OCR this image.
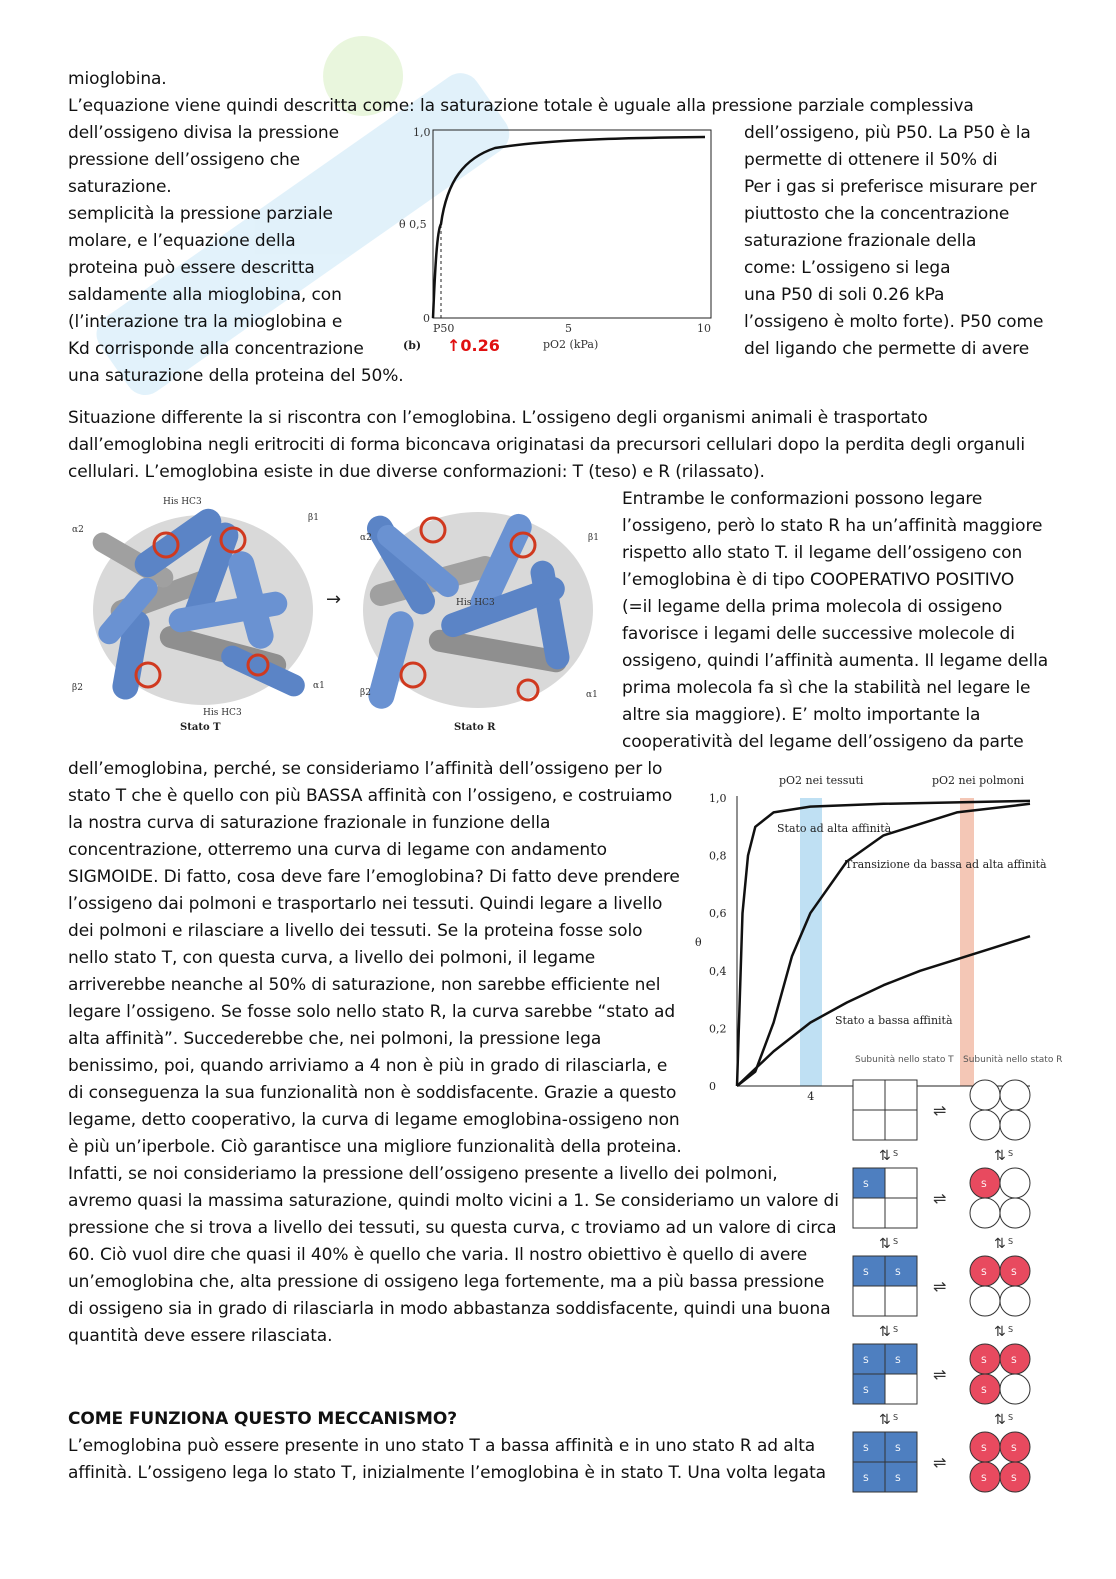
mioglobina.
L’equazione viene quindi descritta come: la saturazione totale è uguale alla pressione parziale complessiva
dell’ossigeno divisa la pressione
pressione dell’ossigeno che
saturazione.
semplicità la pressione parziale
molare, e l’equazione della
proteina può essere descritta
saldamente alla mioglobina, con
(l’interazione tra la mioglobina e
Kd corrisponde alla concentrazione
una saturazione della proteina del 50%.
dell’ossigeno, più P50. La P50 è la
permette di ottenere il 50% di
Per i gas si preferisce misurare per
piuttosto che la concentrazione
saturazione frazionale della
come: L’ossigeno si lega
una P50 di soli 0.26 kPa
l’ossigeno è molto forte). P50 come
del ligando che permette di avere
1,0
θ 0,5
0
P50	5	10
(b) ↑0.26	pO2 (kPa)
Situazione differente la si riscontra con l’emoglobina. L’ossigeno degli organismi animali è trasportato
dall’emoglobina negli eritrociti di forma biconcava originatasi da precursori cellulari dopo la perdita degli organuli
cellulari. L’emoglobina esiste in due diverse conformazioni: T (teso) e R (rilassato).
→
His HC3
His HC3
His HC3
α2
β1
β2	α1
α2	β1
β2	α1
Stato T	Stato R
Entrambe le conformazioni possono legare
l’ossigeno, però lo stato R ha un’affinità maggiore
rispetto allo stato T. il legame dell’ossigeno con
l’emoglobina è di tipo COOPERATIVO POSITIVO
(=il legame della prima molecola di ossigeno
favorisce i legami delle successive molecole di
ossigeno, quindi l’affinità aumenta. Il legame della
prima molecola fa sì che la stabilità nel legare le
altre sia maggiore). E’ molto importante la
cooperatività del legame dell’ossigeno da parte
dell’emoglobina, perché, se consideriamo l’affinità dell’ossigeno per lo
stato T che è quello con più BASSA affinità con l’ossigeno, e costruiamo
la nostra curva di saturazione frazionale in funzione della
concentrazione, otterremo una curva di legame con andamento
SIGMOIDE. Di fatto, cosa deve fare l’emoglobina? Di fatto deve prendere
l’ossigeno dai polmoni e trasportarlo nei tessuti. Quindi legare a livello
dei polmoni e rilasciare a livello dei tessuti. Se la proteina fosse solo
nello stato T, con questa curva, a livello dei polmoni, il legame
arriverebbe neanche al 50% di saturazione, non sarebbe efficiente nel
legare l’ossigeno. Se fosse solo nello stato R, la curva sarebbe “stato ad
alta affinità”. Succederebbe che, nei polmoni, la pressione lega
benissimo, poi, quando arriviamo a 4 non è più in grado di rilasciarla, e
di conseguenza la sua funzionalità non è soddisfacente. Grazie a questo
legame, detto cooperativo, la curva di legame emoglobina-ossigeno non
è più un’iperbole. Ciò garantisce una migliore funzionalità della proteina.
Infatti, se noi consideriamo la pressione dell’ossigeno presente a livello dei polmoni,
avremo quasi la massima saturazione, quindi molto vicini a 1. Se consideriamo un valore di
pressione che si trova a livello dei tessuti, su questa curva, c troviamo ad un valore di circa
60. Ciò vuol dire che quasi il 40% è quello che varia. Il nostro obiettivo è quello di avere
un’emoglobina che, alta pressione di ossigeno lega fortemente, ma a più bassa pressione
di ossigeno sia in grado di rilasciarla in modo abbastanza soddisfacente, quindi una buona
quantità deve essere rilasciata.
pO2 nei tessuti	pO2 nei polmoni
θ
0
0,2
0,4
0,6
0,8
1,0
4
Stato ad alta affinità
Transizione da bassa ad alta affinità
Stato a bassa affinità
Subunità nello stato T Subunità nello stato R
⇌
⇅ S	⇅ S
S	S
⇌
⇅ S	⇅ S
S	S
S	S
⇌
⇅ S	⇅ S
S	S
S	S
S	S
⇌
⇅ S	⇅ S
S	S
S	S
S	S
S	S
⇌
COME FUNZIONA QUESTO MECCANISMO?
L’emoglobina può essere presente in uno stato T a bassa affinità e in uno stato R ad alta
affinità. L’ossigeno lega lo stato T, inizialmente l’emoglobina è in stato T. Una volta legata
